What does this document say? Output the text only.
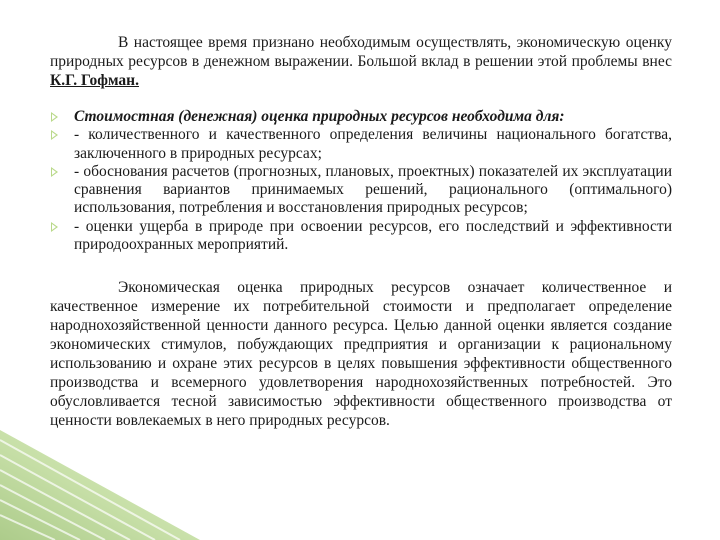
В настоящее время признано необходимым осуществлять, экономическую оценку природных ресурсов в денежном выражении. Большой вклад в решении этой проблемы внес К.Г. Гофман.

Стоимостная (денежная) оценка природных ресурсов необходима для:
- количественного и качественного определения величины национального богатства, заключенного в природных ресурсах;
- обоснования расчетов (прогнозных, плановых, проектных) показателей их эксплуатации сравнения вариантов принимаемых решений, рационального (оптимального) использования, потребления и восстановления природных ресурсов;
- оценки ущерба в природе при освоении ресурсов, его последствий и эффективности природоохранных мероприятий.

Экономическая оценка природных ресурсов означает количественное и качественное измерение их потребительной стоимости и предполагает определение народнохозяйственной ценности данного ресурса. Целью данной оценки является создание экономических стимулов, побуждающих предприятия и организации к рациональному использованию и охране этих ресурсов в целях повышения эффективности общественного производства и всемерного удовлетворения народнохозяйственных потребностей. Это обусловливается тесной зависимостью эффективности общественного производства от ценности вовлекаемых в него природных ресурсов.
